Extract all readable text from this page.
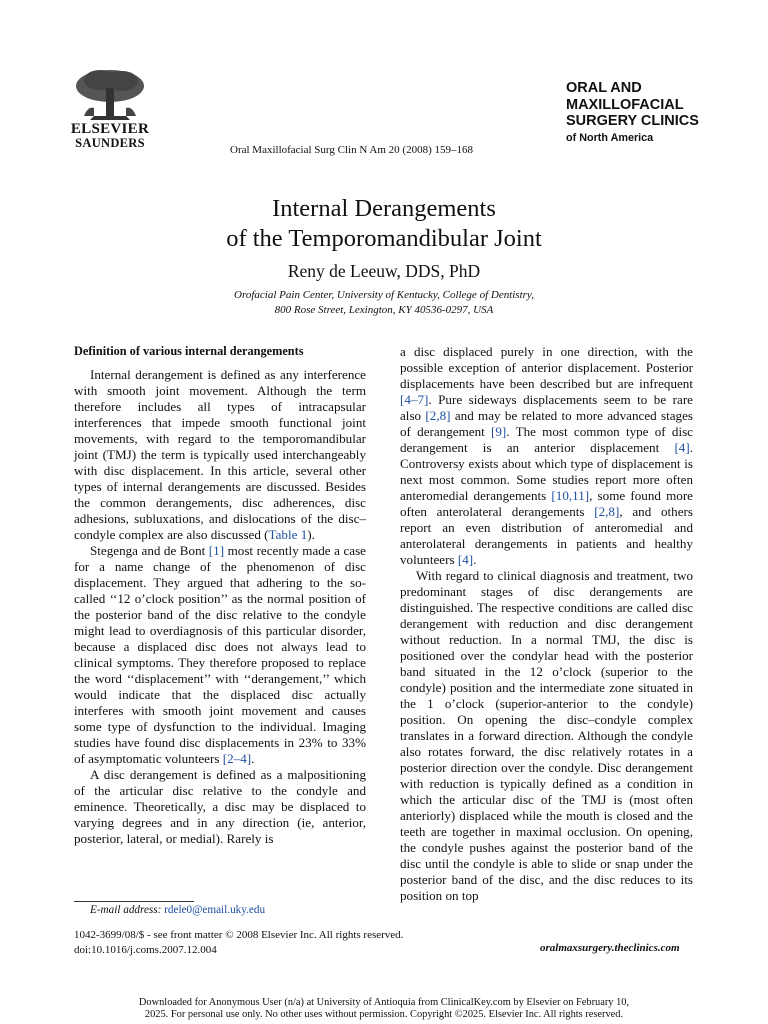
ELSEVIER
SAUNDERS
ORAL AND
MAXILLOFACIAL
SURGERY CLINICS
of North America
Oral Maxillofacial Surg Clin N Am 20 (2008) 159–168
Internal Derangements
of the Temporomandibular Joint
Reny de Leeuw, DDS, PhD
Orofacial Pain Center, University of Kentucky, College of Dentistry,
800 Rose Street, Lexington, KY 40536-0297, USA
Definition of various internal derangements

Internal derangement is defined as any interference with smooth joint movement. Although the term therefore includes all types of intracapsular interferences that impede smooth functional joint movements, with regard to the temporomandibular joint (TMJ) the term is typically used interchangeably with disc displacement. In this article, several other types of internal derangements are discussed. Besides the common derangements, disc adherences, disc adhesions, subluxations, and dislocations of the disc–condyle complex are also discussed (Table 1).

Stegenga and de Bont [1] most recently made a case for a name change of the phenomenon of disc displacement. They argued that adhering to the so-called ‘‘12 o’clock position’’ as the normal position of the posterior band of the disc relative to the condyle might lead to overdiagnosis of this particular disorder, because a displaced disc does not always lead to clinical symptoms. They therefore proposed to replace the word ‘‘displacement’’ with ‘‘derangement,’’ which would indicate that the displaced disc actually interferes with smooth joint movement and causes some type of dysfunction to the individual. Imaging studies have found disc displacements in 23% to 33% of asymptomatic volunteers [2–4].

A disc derangement is defined as a malpositioning of the articular disc relative to the condyle and eminence. Theoretically, a disc may be displaced to varying degrees and in any direction (ie, anterior, posterior, lateral, or medial). Rarely is

a disc displaced purely in one direction, with the possible exception of anterior displacement. Posterior displacements have been described but are infrequent [4–7]. Pure sideways displacements seem to be rare also [2,8] and may be related to more advanced stages of derangement [9]. The most common type of disc derangement is an anterior displacement [4]. Controversy exists about which type of displacement is next most common. Some studies report more often anteromedial derangements [10,11], some found more often anterolateral derangements [2,8], and others report an even distribution of anteromedial and anterolateral derangements in patients and healthy volunteers [4].

With regard to clinical diagnosis and treatment, two predominant stages of disc derangements are distinguished. The respective conditions are called disc derangement with reduction and disc derangement without reduction. In a normal TMJ, the disc is positioned over the condylar head with the posterior band situated in the 12 o’clock (superior to the condyle) position and the intermediate zone situated in the 1 o’clock (superior-anterior to the condyle) position. On opening the disc–condyle complex translates in a forward direction. Although the condyle also rotates forward, the disc relatively rotates in a posterior direction over the condyle. Disc derangement with reduction is typically defined as a condition in which the articular disc of the TMJ is (most often anteriorly) displaced while the mouth is closed and the teeth are together in maximal occlusion. On opening, the condyle pushes against the posterior band of the disc until the condyle is able to slide or snap under the posterior band of the disc, and the disc reduces to its position on top

E-mail address: rdele0@email.uky.edu
1042-3699/08/$ - see front matter © 2008 Elsevier Inc. All rights reserved.
doi:10.1016/j.coms.2007.12.004	oralmaxsurgery.theclinics.com
Downloaded for Anonymous User (n/a) at University of Antioquia from ClinicalKey.com by Elsevier on February 10,
2025. For personal use only. No other uses without permission. Copyright ©2025. Elsevier Inc. All rights reserved.
